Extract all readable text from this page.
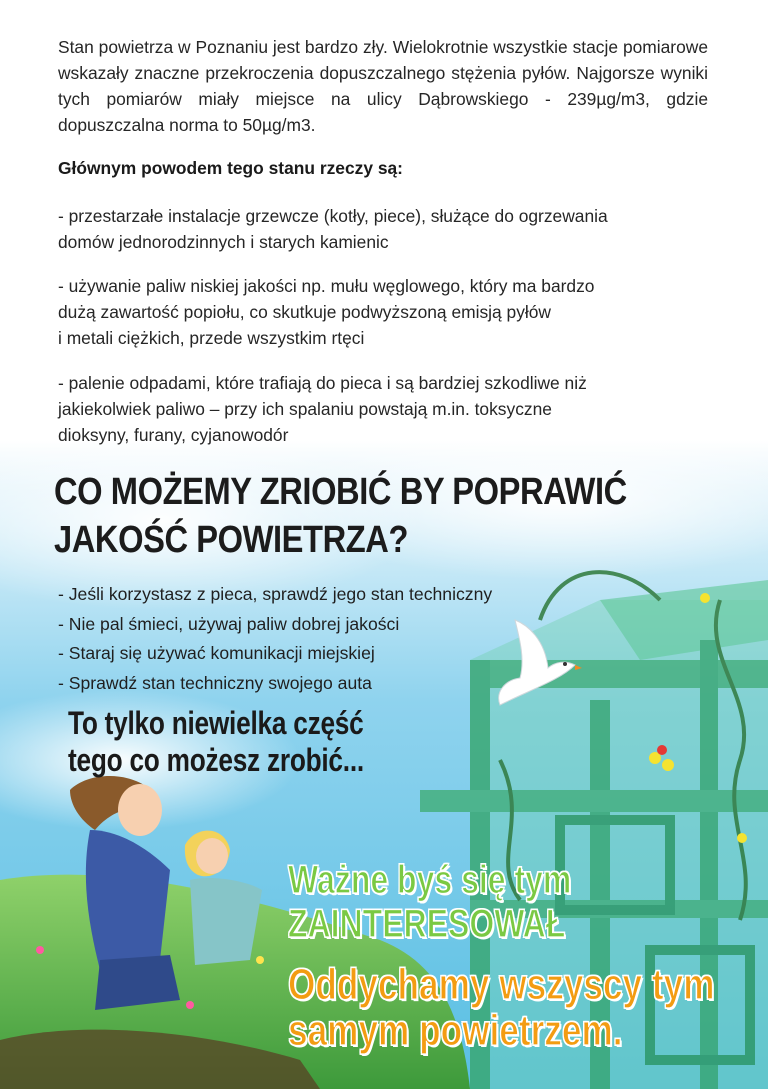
Stan powietrza w Poznaniu jest bardzo zły. Wielokrotnie wszystkie stacje pomiarowe wskazały znaczne przekroczenia dopuszczalnego stężenia pyłów. Najgorsze wyniki tych pomiarów miały miejsce na ulicy Dąbrowskiego - 239µg/m3, gdzie dopuszczalna norma to 50µg/m3.

Głównym powodem tego stanu rzeczy są:

- przestarzałe instalacje grzewcze (kotły, piece), służące do ogrzewania
domów jednorodzinnych i starych kamienic
- używanie paliw niskiej jakości np. mułu węglowego, który ma bardzo
dużą zawartość popiołu, co skutkuje podwyższoną emisją pyłów
i metali ciężkich, przede wszystkim rtęci
- palenie odpadami, które trafiają do pieca i są bardziej szkodliwe niż
jakiekolwiek paliwo – przy ich spalaniu powstają m.in. toksyczne
dioksyny, furany, cyjanowodór
CO MOŻEMY ZRIOBIĆ BY POPRAWIĆ
JAKOŚĆ POWIETRZA?
- Jeśli korzystasz z pieca, sprawdź jego stan techniczny
- Nie pal śmieci, używaj paliw dobrej jakości
- Staraj się używać komunikacji miejskiej
- Sprawdź stan techniczny swojego auta
To tylko niewielka część
tego co możesz zrobić...
Ważne byś się tym
ZAINTERESOWAŁ
Oddychamy wszyscy tym
samym powietrzem.
